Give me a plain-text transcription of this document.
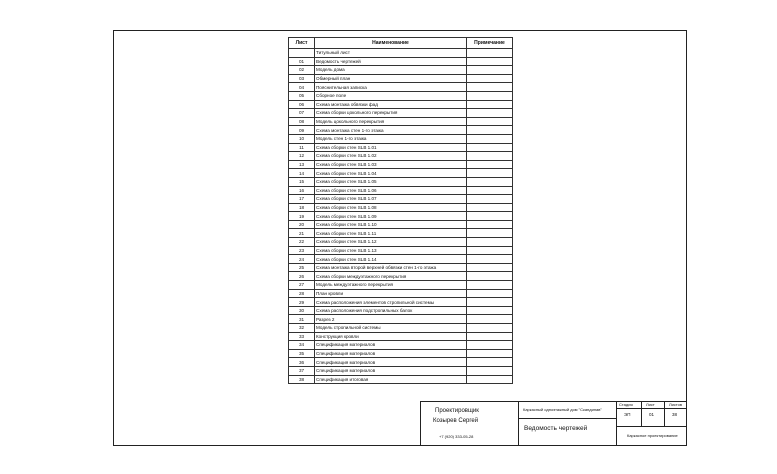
Лист	Наименование	Примечание
	Титульный лист	
01	Ведомость чертежей	
02	Модель дома	
03	Обмерный план	
04	Пояснительная записка	
05	Сборное поле	
06	Схема монтажа обвязки фад	
07	Схема сборки цокольного перекрытия	
08	Модель цокольного перекрытия	
09	Схема монтажа стен 1-го этажа	
10	Модель стен 1-го этажа	
11	Схема сборки стен SLB 1.01	
12	Схема сборки стен SLB 1.02	
13	Схема сборки стен SLB 1.03	
14	Схема сборки стен SLB 1.04	
15	Схема сборки стен SLB 1.05	
16	Схема сборки стен SLB 1.06	
17	Схема сборки стен SLB 1.07	
18	Схема сборки стен SLB 1.08	
19	Схема сборки стен SLB 1.09	
20	Схема сборки стен SLB 1.10	
21	Схема сборки стен SLB 1.11	
22	Схема сборки стен SLB 1.12	
23	Схема сборки стен SLB 1.13	
24	Схема сборки стен SLB 1.14	
25	Схема монтажа второй верхней обвязки стен 1-го этажа	
26	Схема сборки междуэтажного перекрытия	
27	Модель междуэтажного перекрытия	
28	План кровли	
29	Схема расположения элементов стропильной системы	
30	Схема расположения подстропильных балок	
31	Разрез 2	
32	Модель стропильной системы	
33	Конструкция кровли	
34	Спецификация материалов	
35	Спецификация материалов	
36	Спецификация материалов	
37	Спецификация материалов	
38	Спецификация итоговая	
Проектировщик
Козырев Сергей
+7 (920) 333-05-28
Каркасный одноэтажный дом "Скандинав"
Ведомость чертежей
Стадия	Лист	Листов
ЭП	01	38
Каркасное проектирование
